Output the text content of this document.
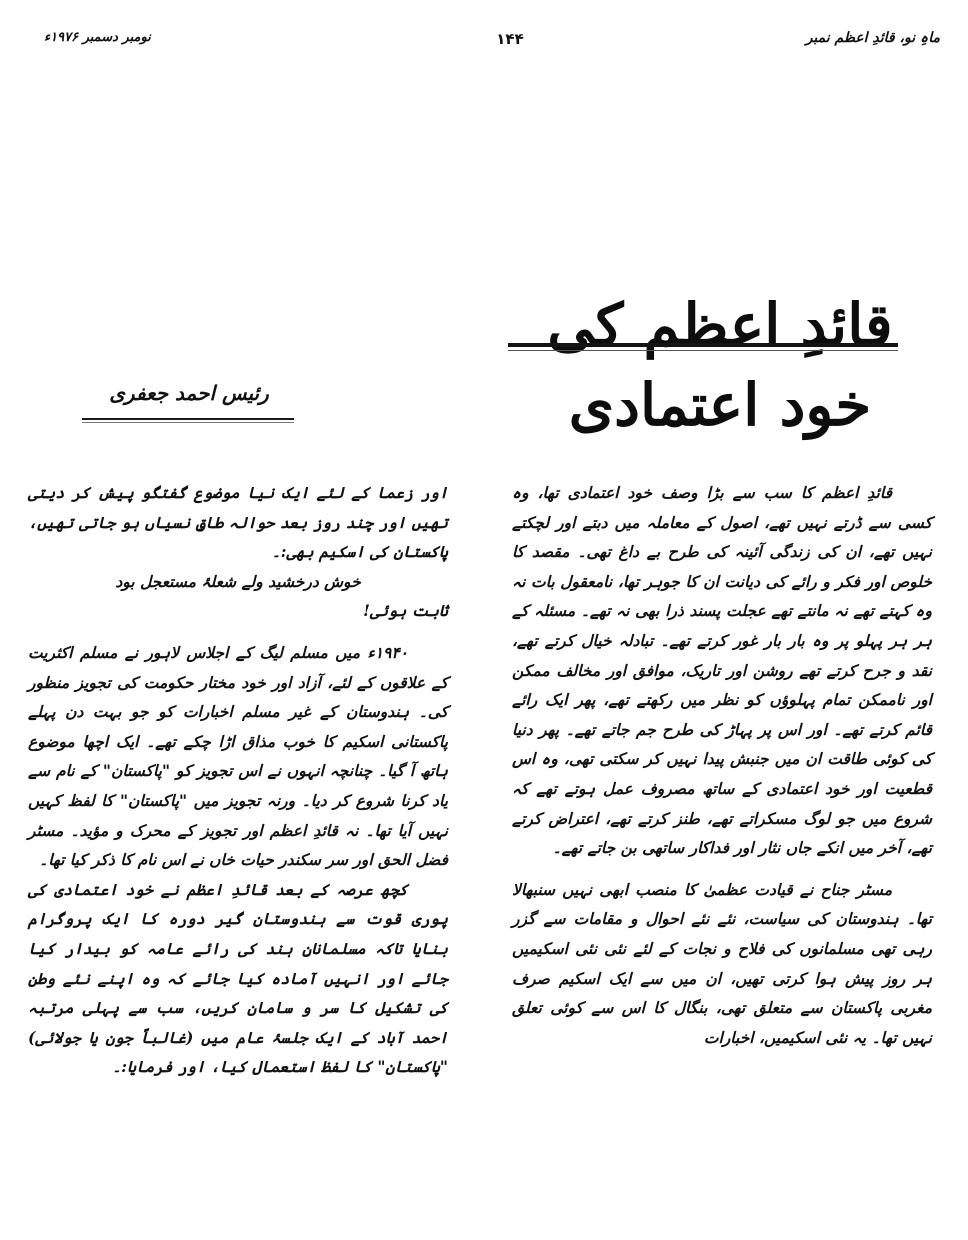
ماہِ نو، قائدِ اعظم نمبر
۱۴۴
نومبر دسمبر ۱۹۷۶ء
قائدِ اعظم کی خود اعتمادی
رئیس احمد جعفری

قائدِ اعظم کا سب سے بڑا وصف خود اعتمادی تھا، وہ کسی سے ڈرتے نہیں تھے، اصول کے معاملہ میں دبتے اور لچکتے نہیں تھے، ان کی زندگی آئینہ کی طرح بے داغ تھی۔ مقصد کا خلوص اور فکر و رائے کی دیانت ان کا جوہر تھا، نامعقول بات نہ وہ کہتے تھے نہ مانتے تھے عجلت پسند ذرا بھی نہ تھے۔ مسئلہ کے ہر ہر پہلو پر وہ بار بار غور کرتے تھے۔ تبادلہ خیال کرتے تھے، نقد و جرح کرتے تھے روشن اور تاریک، موافق اور مخالف ممکن اور ناممکن تمام پہلوؤں کو نظر میں رکھتے تھے، پھر ایک رائے قائم کرتے تھے۔ اور اس پر پہاڑ کی طرح جم جاتے تھے۔ پھر دنیا کی کوئی طاقت ان میں جنبش پیدا نہیں کر سکتی تھی، وہ اس قطعیت اور خود اعتمادی کے ساتھ مصروف عمل ہوتے تھے کہ شروع میں جو لوگ مسکراتے تھے، طنز کرتے تھے، اعتراض کرتے تھے، آخر میں انکے جاں نثار اور فداکار ساتھی بن جاتے تھے۔

مسٹر جناح نے قیادت عظمیٰ کا منصب ابھی نہیں سنبھالا تھا۔ ہندوستان کی سیاست، نئے نئے احوال و مقامات سے گزر رہی تھی مسلمانوں کی فلاح و نجات کے لئے نئی نئی اسکیمیں ہر روز پیش ہوا کرتی تھیں، ان میں سے ایک اسکیم صرف مغربی پاکستان سے متعلق تھی، بنگال کا اس سے کوئی تعلق نہیں تھا۔ یہ نئی اسکیمیں، اخبارات

اور زعما کے لئے ایک نیا موضوع گفتگو پیش کر دیتی تھیں اور چند روز بعد حوالہ طاقِ نسیاں ہو جاتی تھیں، پاکستان کی اسکیم بھی:۔

خوش درخشید ولے شعلۂ مستعجل بود

ثابت ہوئی!

۱۹۴۰ء میں مسلم لیگ کے اجلاس لاہور نے مسلم اکثریت کے علاقوں کے لئے، آزاد اور خود مختار حکومت کی تجویز منظور کی۔ ہندوستان کے غیر مسلم اخبارات کو جو بہت دن پہلے پاکستانی اسکیم کا خوب مذاق اڑا چکے تھے۔ ایک اچھا موضوع ہاتھ آ گیا۔ چنانچہ انہوں نے اس تجویز کو "پاکستان" کے نام سے یاد کرنا شروع کر دیا۔ ورنہ تجویز میں "پاکستان" کا لفظ کہیں نہیں آیا تھا۔ نہ قائدِ اعظم اور تجویز کے محرک و مؤید۔ مسٹر فضل الحق اور سر سکندر حیات خاں نے اس نام کا ذکر کیا تھا۔

کچھ عرصہ کے بعد قائدِ اعظم نے خود اعتمادی کی پوری قوت سے ہندوستان گیر دورہ کا ایک پروگرام بنایا تاکہ مسلمانانِ ہند کی رائے عامہ کو بیدار کیا جائے اور انہیں آمادہ کیا جائے کہ وہ اپنے نئے وطن کی تشکیل کا سر و سامان کریں، سب سے پہلی مرتبہ احمد آباد کے ایک جلسۂ عام میں (غالباً جون یا جولائی) "پاکستان" کا لفظ استعمال کیا، اور فرمایا:۔
